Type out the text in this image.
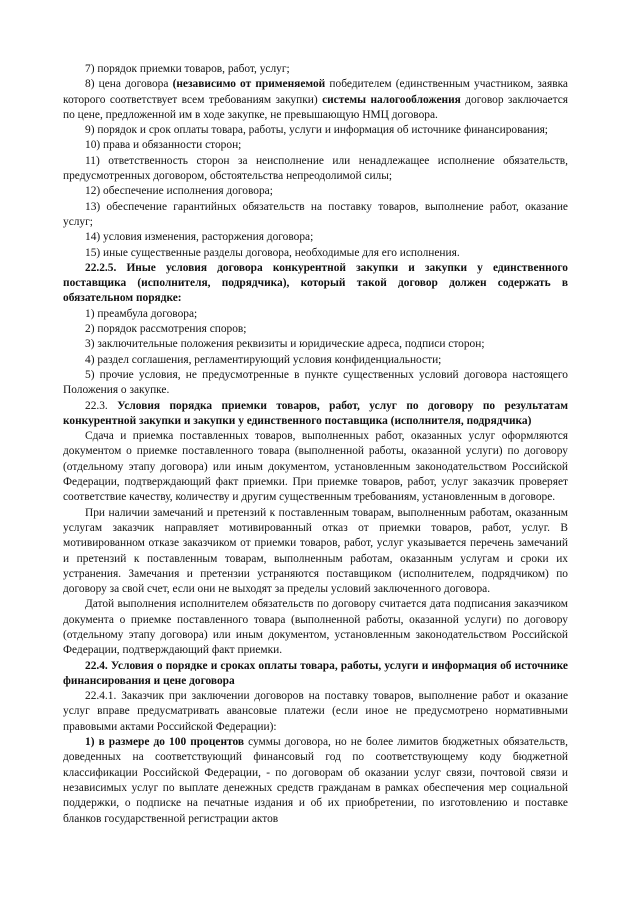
7) порядок приемки товаров, работ, услуг;

8) цена договора (независимо от применяемой победителем (единственным участником, заявка которого соответствует всем требованиям закупки) системы налогообложения договор заключается по цене, предложенной им в ходе закупке, не превышающую НМЦ договора.

9) порядок и срок оплаты товара, работы, услуги и информация об источнике финансирования;

10) права и обязанности сторон;

11) ответственность сторон за неисполнение или ненадлежащее исполнение обязательств, предусмотренных договором, обстоятельства непреодолимой силы;

12) обеспечение исполнения договора;

13) обеспечение гарантийных обязательств на поставку товаров, выполнение работ, оказание услуг;

14) условия изменения, расторжения договора;

15) иные существенные разделы договора, необходимые для его исполнения.

22.2.5. Иные условия договора конкурентной закупки и закупки у единственного поставщика (исполнителя, подрядчика), который такой договор должен содержать в обязательном порядке:

1) преамбула договора;

2) порядок рассмотрения споров;

3) заключительные положения реквизиты и юридические адреса, подписи сторон;

4) раздел соглашения, регламентирующий условия конфиденциальности;

5) прочие условия, не предусмотренные в пункте существенных условий договора настоящего Положения о закупке.

22.3. Условия порядка приемки товаров, работ, услуг по договору по результатам конкурентной закупки и закупки у единственного поставщика (исполнителя, подрядчика)

Сдача и приемка поставленных товаров, выполненных работ, оказанных услуг оформляются документом о приемке поставленного товара (выполненной работы, оказанной услуги) по договору (отдельному этапу договора) или иным документом, установленным законодательством Российской Федерации, подтверждающий факт приемки. При приемке товаров, работ, услуг заказчик проверяет соответствие качеству, количеству и другим существенным требованиям, установленным в договоре.

При наличии замечаний и претензий к поставленным товарам, выполненным работам, оказанным услугам заказчик направляет мотивированный отказ от приемки товаров, работ, услуг. В мотивированном отказе заказчиком от приемки товаров, работ, услуг указывается перечень замечаний и претензий к поставленным товарам, выполненным работам, оказанным услугам и сроки их устранения. Замечания и претензии устраняются поставщиком (исполнителем, подрядчиком) по договору за свой счет, если они не выходят за пределы условий заключенного договора.

Датой выполнения исполнителем обязательств по договору считается дата подписания заказчиком документа о приемке поставленного товара (выполненной работы, оказанной услуги) по договору (отдельному этапу договора) или иным документом, установленным законодательством Российской Федерации, подтверждающий факт приемки.

22.4. Условия о порядке и сроках оплаты товара, работы, услуги и информация об источнике финансирования и цене договора

22.4.1. Заказчик при заключении договоров на поставку товаров, выполнение работ и оказание услуг вправе предусматривать авансовые платежи (если иное не предусмотрено нормативными правовыми актами Российской Федерации):

1) в размере до 100 процентов суммы договора, но не более лимитов бюджетных обязательств, доведенных на соответствующий финансовый год по соответствующему коду бюджетной классификации Российской Федерации, - по договорам об оказании услуг связи, почтовой связи и независимых услуг по выплате денежных средств гражданам в рамках обеспечения мер социальной поддержки, о подписке на печатные издания и об их приобретении, по изготовлению и поставке бланков государственной регистрации актов
